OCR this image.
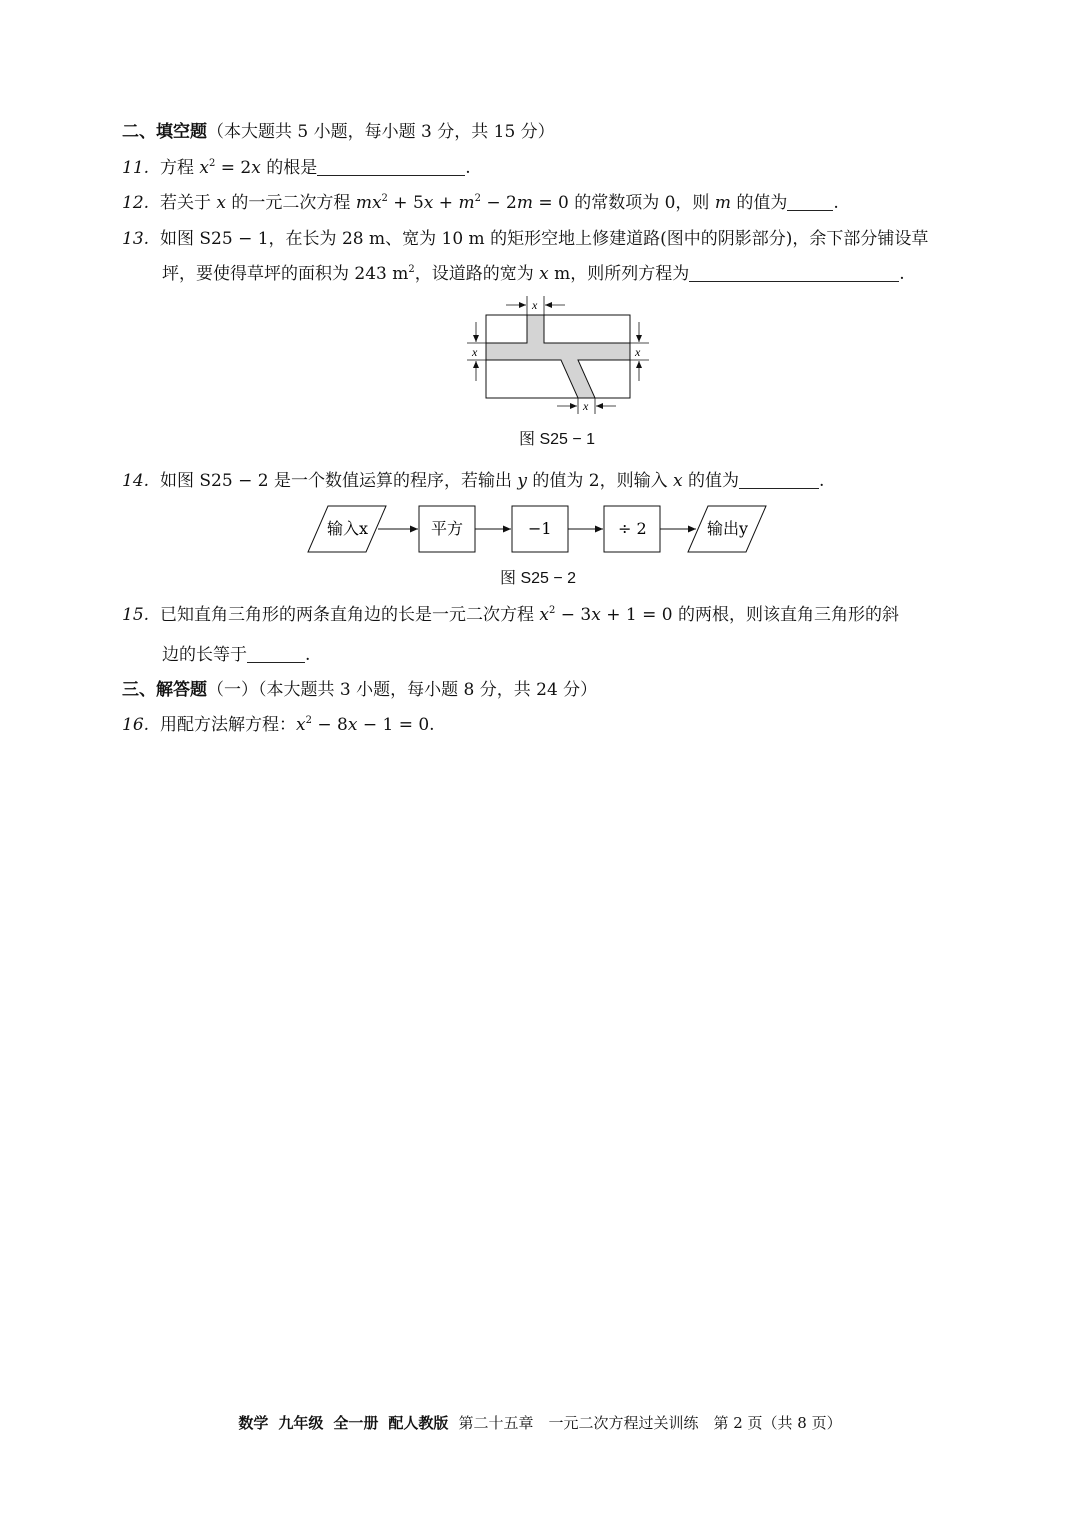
二、填空题（本大题共 5 小题，每小题 3 分，共 15 分）
11. 方程 $x^2 = 2x$ 的根是	.
12. 若关于 x 的一元二次方程 $mx^2 + 5x + m^2 - 2m = 0$ 的常数项为 0，则 m 的值为	.
13. 如图 S25 − 1，在长为 28 m、宽为 10 m 的矩形空地上修建道路(图中的阴影部分)，余下部分铺设草
坪，要使得草坪的面积为 243 $m^2$，设道路的宽为 x m，则所列方程为	.
x
x	x
x
图 S25 − 1
14. 如图 S25 − 2 是一个数值运算的程序，若输出 y 的值为 2，则输入 x 的值为	.
输入x	平方	−1	÷ 2	输出y
图 S25 − 2
15. 已知直角三角形的两条直角边的长是一元二次方程 $x^2 - 3x + 1 = 0$ 的两根，则该直角三角形的斜
边的长等于	.
三、解答题（一）（本大题共 3 小题，每小题 8 分，共 24 分）
16. 用配方法解方程：$x^2 - 8x - 1 = 0$.
数学 九年级 全一册 配人教版 第二十五章　一元二次方程过关训练　第 2 页（共 8 页）
